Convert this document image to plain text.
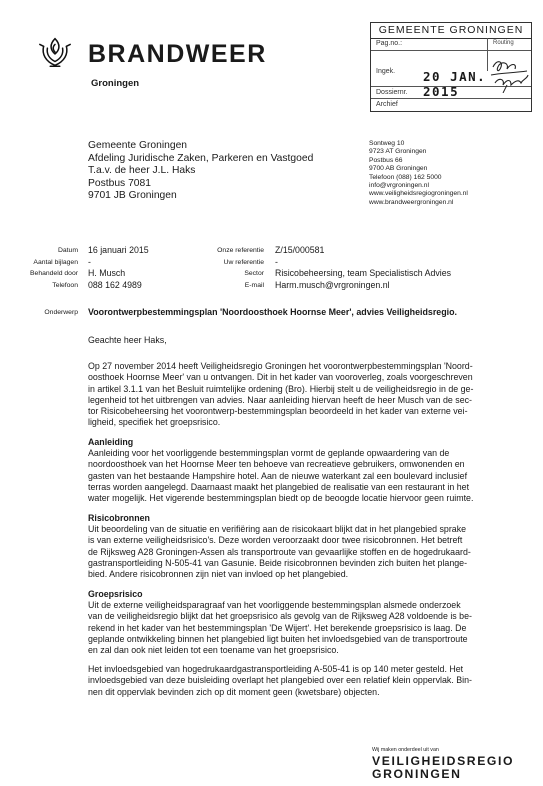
BRANDWEER
Groningen
GEMEENTE GRONINGEN
Pag.no.:	Routing
Ingek. 20 JAN. 2015
Dossiernr.
Archief
Gemeente Groningen
Afdeling Juridische Zaken, Parkeren en Vastgoed
T.a.v. de heer J.L. Haks
Postbus 7081
9701 JB Groningen
Sontweg 10
9723 AT Groningen
Postbus 66
9700 AB Groningen
Telefoon (088) 162 5000
info@vrgroningen.nl
www.veiligheidsregiogroningen.nl
www.brandweergroningen.nl
Datum 16 januari 2015
Aantal bijlagen -
Behandeld door H. Musch
Telefoon 088 162 4989
Onze referentie Z/15/000581
Uw referentie -
Sector Risicobeheersing, team Specialistisch Advies
E-mail Harm.musch@vrgroningen.nl
Onderwerp Voorontwerpbestemmingsplan 'Noordoosthoek Hoornse Meer', advies Veiligheidsregio.
Geachte heer Haks,

Op 27 november 2014 heeft Veiligheidsregio Groningen het voorontwerpbestemmingsplan 'Noord-

oosthoek Hoornse Meer' van u ontvangen. Dit in het kader van vooroverleg, zoals voorgeschreven

in artikel 3.1.1 van het Besluit ruimtelijke ordening (Bro). Hierbij stelt u de veiligheidsregio in de ge-

legenheid tot het uitbrengen van advies. Naar aanleiding hiervan heeft de heer Musch van de sec-

tor Risicobeheersing het voorontwerp-bestemmingsplan beoordeeld in het kader van externe vei-

ligheid, specifiek het groepsrisico.

Aanleiding

Aanleiding voor het voorliggende bestemmingsplan vormt de geplande opwaardering van de

noordoosthoek van het Hoornse Meer ten behoeve van recreatieve gebruikers, omwonenden en

gasten van het bestaande Hampshire hotel. Aan de nieuwe waterkant zal een boulevard inclusief

terras worden aangelegd. Daarnaast maakt het plangebied de realisatie van een restaurant in het

water mogelijk. Het vigerende bestemmingsplan biedt op de beoogde locatie hiervoor geen ruimte.

Risicobronnen

Uit beoordeling van de situatie en verifiëring aan de risicokaart blijkt dat in het plangebied sprake

is van externe veiligheidsrisico's. Deze worden veroorzaakt door twee risicobronnen. Het betreft

de Rijksweg A28 Groningen-Assen als transportroute van gevaarlijke stoffen en de hogedrukaard-

gastransportleiding N-505-41 van Gasunie. Beide risicobronnen bevinden zich buiten het plange-

bied. Andere risicobronnen zijn niet van invloed op het plangebied.

Groepsrisico

Uit de externe veiligheidsparagraaf van het voorliggende bestemmingsplan alsmede onderzoek

van de veiligheidsregio blijkt dat het groepsrisico als gevolg van de Rijksweg A28 voldoende is be-

rekend in het kader van het bestemmingsplan 'De Wijert'. Het berekende groepsrisico is laag. De

geplande ontwikkeling binnen het plangebied ligt buiten het invloedsgebied van de transportroute

en zal dan ook niet leiden tot een toename van het groepsrisico.

Het invloedsgebied van hogedrukaardgastransportleiding A-505-41 is op 140 meter gesteld. Het

invloedsgebied van deze buisleiding overlapt het plangebied over een relatief klein oppervlak. Bin-

nen dit oppervlak bevinden zich op dit moment geen (kwetsbare) objecten.

Wij maken onderdeel uit van
VEILIGHEIDSREGIO
GRONINGEN
